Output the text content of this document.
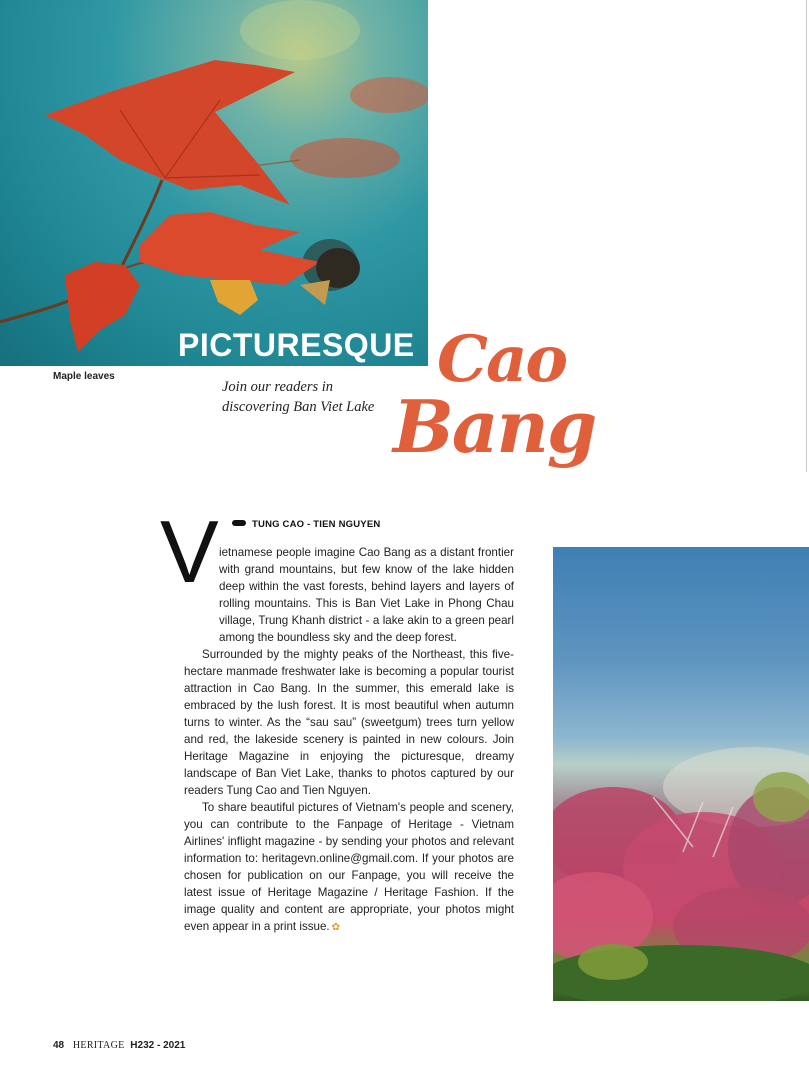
PICTURESQUE
Maple leaves
Join our readers in discovering Ban Viet Lake
Cao
Bang
TUNG CAO - TIEN NGUYEN
V ietnamese people imagine Cao Bang as a distant frontier with grand mountains, but few know of the lake hidden deep within the vast forests, behind layers and layers of rolling mountains. This is Ban Viet Lake in Phong Chau village, Trung Khanh district - a lake akin to a green pearl among the boundless sky and the deep forest.

Surrounded by the mighty peaks of the Northeast, this five-hectare manmade freshwater lake is becoming a popular tourist attraction in Cao Bang. In the summer, this emerald lake is embraced by the lush forest. It is most beautiful when autumn turns to winter. As the “sau sau” (sweetgum) trees turn yellow and red, the lakeside scenery is painted in new colours. Join Heritage Magazine in enjoying the picturesque, dreamy landscape of Ban Viet Lake, thanks to photos captured by our readers Tung Cao and Tien Nguyen.

To share beautiful pictures of Vietnam's people and scenery, you can contribute to the Fanpage of Heritage - Vietnam Airlines' inflight magazine - by sending your photos and relevant information to: heritagevn.online@gmail.com. If your photos are chosen for publication on our Fanpage, you will receive the latest issue of Heritage Magazine / Heritage Fashion. If the image quality and content are appropriate, your photos might even appear in a print issue. ✿

48 HERITAGE H232 - 2021
